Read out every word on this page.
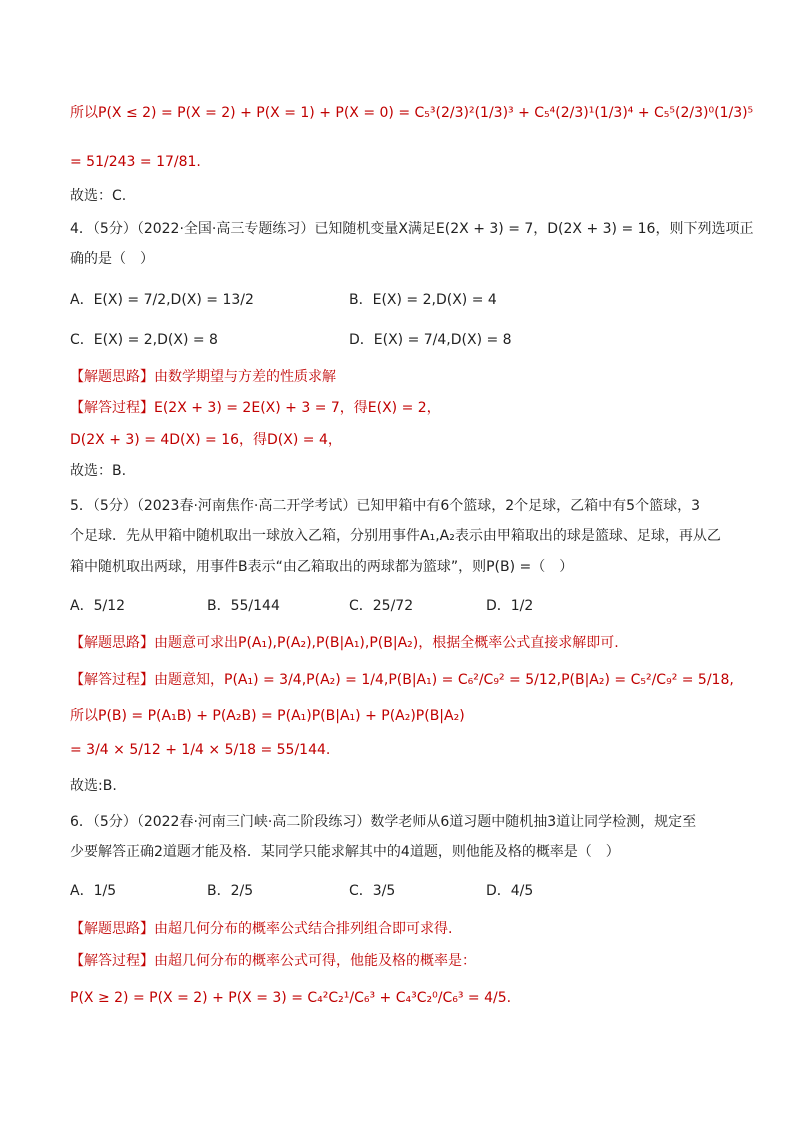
所以P(X ≤ 2) = P(X = 2) + P(X = 1) + P(X = 0) = C₅³(2/3)²(1/3)³ + C₅⁴(2/3)¹(1/3)⁴ + C₅⁵(2/3)⁰(1/3)⁵
= 51/243 = 17/81.
故选：C.
4．（5分）（2022·全国·高三专题练习）已知随机变量X满足E(2X + 3) = 7，D(2X + 3) = 16，则下列选项正
确的是（　）
A．E(X) = 7/2,D(X) = 13/2	B．E(X) = 2,D(X) = 4
C．E(X) = 2,D(X) = 8	D．E(X) = 7/4,D(X) = 8
【解题思路】由数学期望与方差的性质求解
【解答过程】E(2X + 3) = 2E(X) + 3 = 7，得E(X) = 2，
D(2X + 3) = 4D(X) = 16，得D(X) = 4，
故选：B.
5．（5分）（2023春·河南焦作·高二开学考试）已知甲箱中有6个篮球，2个足球，乙箱中有5个篮球，3
个足球．先从甲箱中随机取出一球放入乙箱，分别用事件A₁,A₂表示由甲箱取出的球是篮球、足球，再从乙
箱中随机取出两球，用事件B表示“由乙箱取出的两球都为篮球”，则P(B) =（　）
A．5/12	B．55/144	C．25/72	D．1/2
【解题思路】由题意可求出P(A₁),P(A₂),P(B|A₁),P(B|A₂)，根据全概率公式直接求解即可.
【解答过程】由题意知，P(A₁) = 3/4,P(A₂) = 1/4,P(B|A₁) = C₆²/C₉² = 5/12,P(B|A₂) = C₅²/C₉² = 5/18,
所以P(B) = P(A₁B) + P(A₂B) = P(A₁)P(B|A₁) + P(A₂)P(B|A₂)
= 3/4 × 5/12 + 1/4 × 5/18 = 55/144.
故选:B.
6．（5分）（2022春·河南三门峡·高二阶段练习）数学老师从6道习题中随机抽3道让同学检测，规定至
少要解答正确2道题才能及格．某同学只能求解其中的4道题，则他能及格的概率是（　）
A．1/5	B．2/5	C．3/5	D．4/5
【解题思路】由超几何分布的概率公式结合排列组合即可求得.
【解答过程】由超几何分布的概率公式可得，他能及格的概率是：
P(X ≥ 2) = P(X = 2) + P(X = 3) = C₄²C₂¹/C₆³ + C₄³C₂⁰/C₆³ = 4/5.
